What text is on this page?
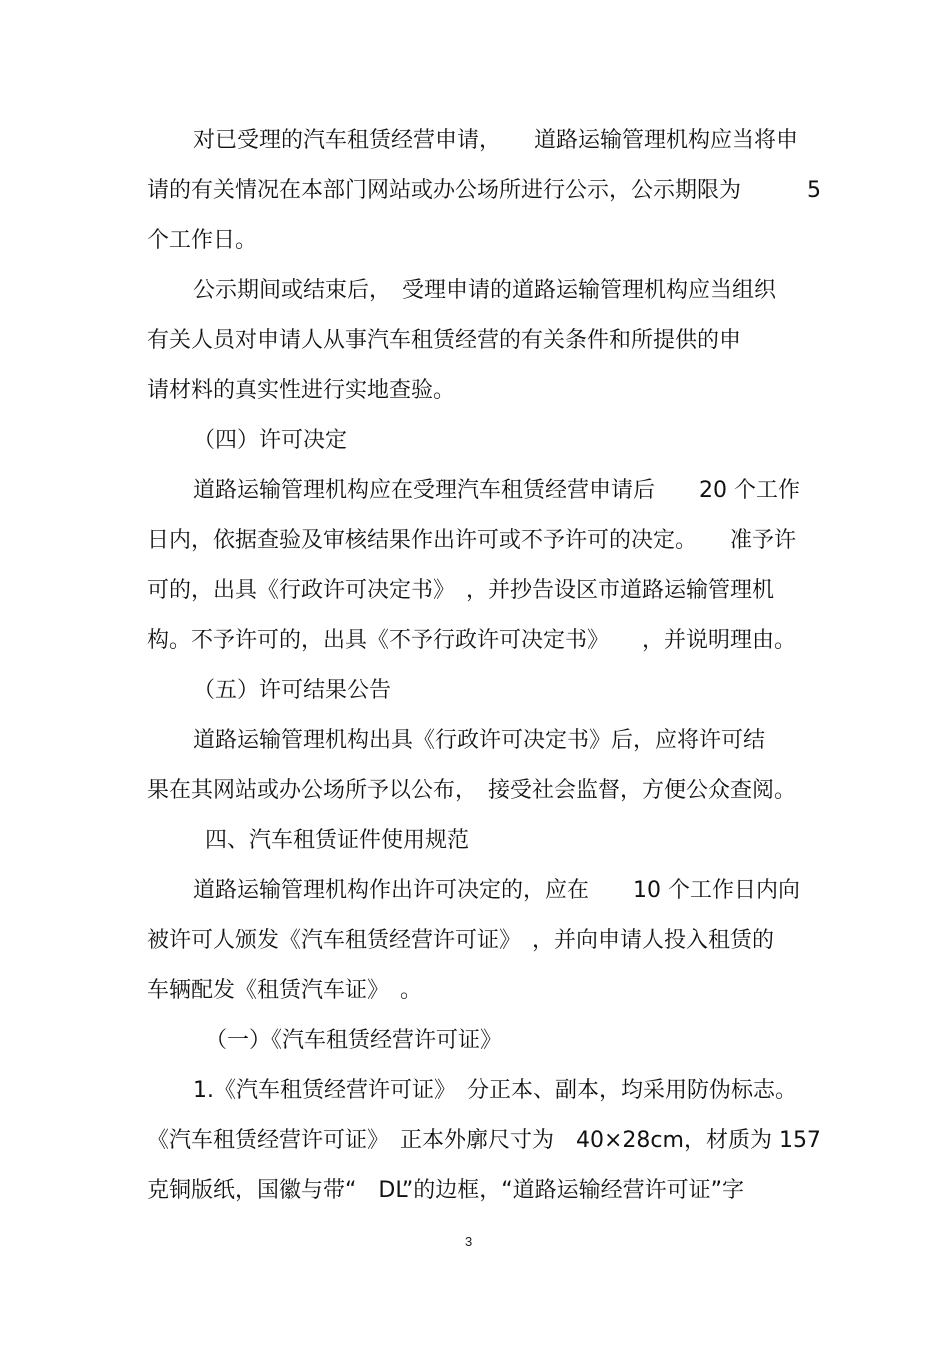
对已受理的汽车租赁经营申请，　　道路运输管理机构应当将申

请的有关情况在本部门网站或办公场所进行公示，公示期限为　　　5

个工作日。

公示期间或结束后，　受理申请的道路运输管理机构应当组织

有关人员对申请人从事汽车租赁经营的有关条件和所提供的申

请材料的真实性进行实地查验。

（四）许可决定

道路运输管理机构应在受理汽车租赁经营申请后　　20 个工作

日内，依据查验及审核结果作出许可或不予许可的决定。　　准予许

可的，出具《行政许可决定书》　，并抄告设区市道路运输管理机

构。不予许可的，出具《不予行政许可决定书》　　，并说明理由。

（五）许可结果公告

道路运输管理机构出具《行政许可决定书》后，应将许可结

果在其网站或办公场所予以公布，　接受社会监督，方便公众查阅。

四、汽车租赁证件使用规范

道路运输管理机构作出许可决定的，应在　　10 个工作日内向

被许可人颁发《汽车租赁经营许可证》　，并向申请人投入租赁的

车辆配发《租赁汽车证》　。

（一）《汽车租赁经营许可证》

1.《汽车租赁经营许可证》　分正本、副本，均采用防伪标志。

《汽车租赁经营许可证》　正本外廓尺寸为　40×28cm，材质为 157

克铜版纸，国徽与带“　DL”的边框，“道路运输经营许可证”字

3
